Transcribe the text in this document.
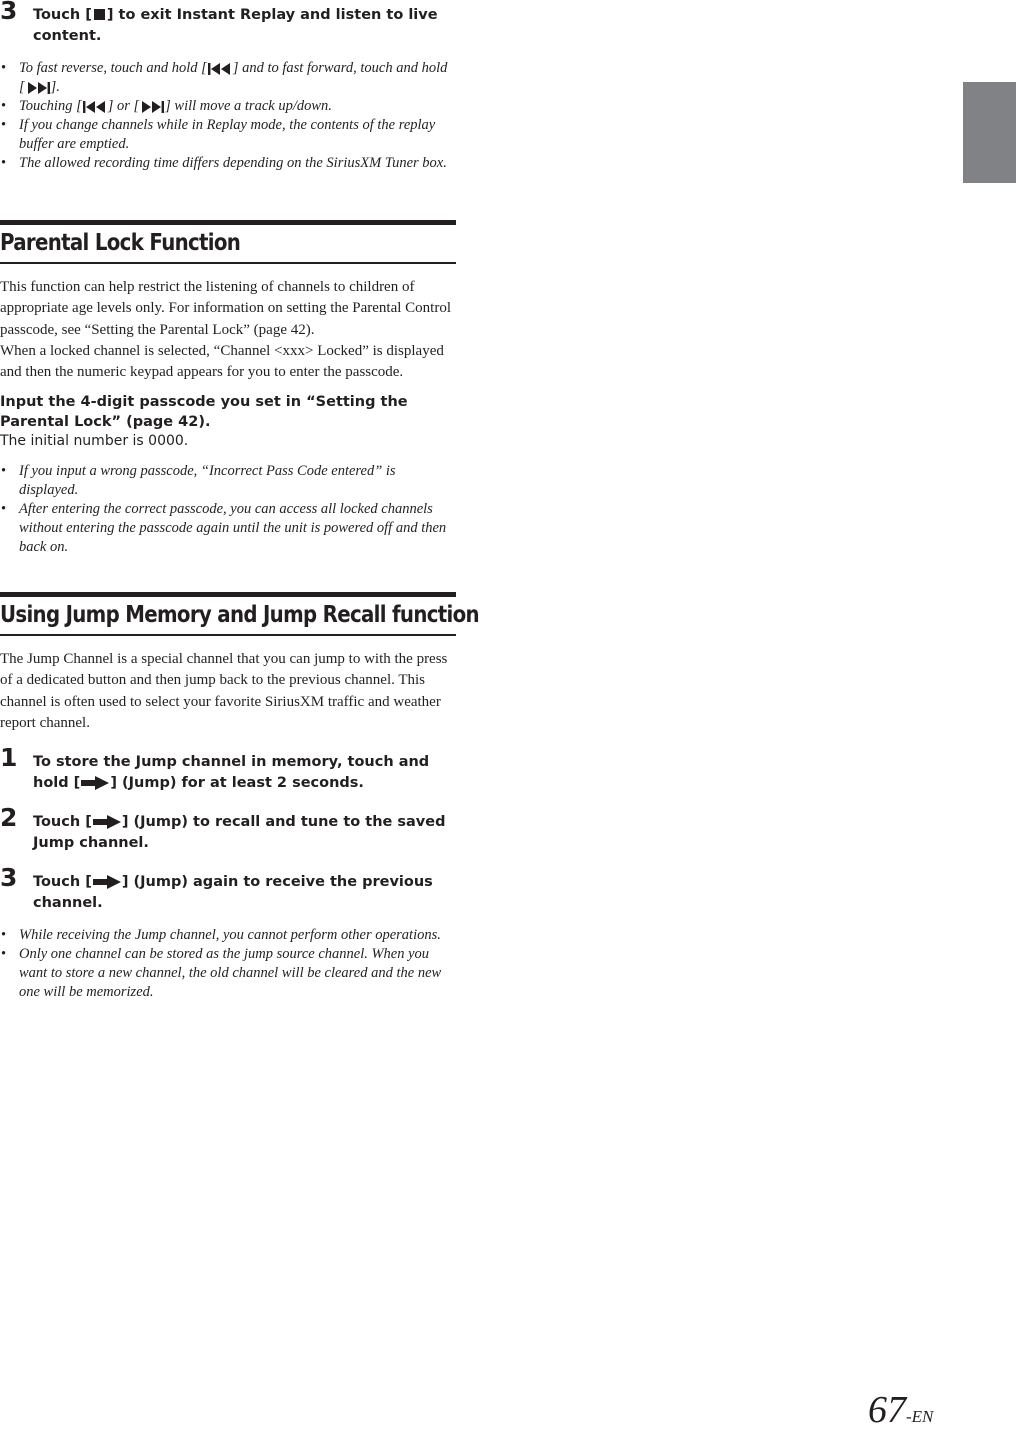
3 Touch [ ] to exit Instant Replay and listen to live content.

• To fast reverse, touch and hold [ ] and to fast forward, touch and hold [ ].

• Touching [ ] or [ ] will move a track up/down.

• If you change channels while in Replay mode, the contents of the replay buffer are emptied.

• The allowed recording time differs depending on the SiriusXM Tuner box.

Parental Lock Function

This function can help restrict the listening of channels to children of appropriate age levels only. For information on setting the Parental Control passcode, see “Setting the Parental Lock” (page 42).

When a locked channel is selected, “Channel <xxx> Locked” is displayed and then the numeric keypad appears for you to enter the passcode.

Input the 4-digit passcode you set in “Setting the Parental Lock” (page 42).

The initial number is 0000.

• If you input a wrong passcode, “Incorrect Pass Code entered” is displayed.

• After entering the correct passcode, you can access all locked channels without entering the passcode again until the unit is powered off and then back on.

Using Jump Memory and Jump Recall function

The Jump Channel is a special channel that you can jump to with the press of a dedicated button and then jump back to the previous channel. This channel is often used to select your favorite SiriusXM traffic and weather report channel.

1 To store the Jump channel in memory, touch and hold [ ] (Jump) for at least 2 seconds.
2 Touch [ ] (Jump) to recall and tune to the saved Jump channel.
3 Touch [ ] (Jump) again to receive the previous channel.

• While receiving the Jump channel, you cannot perform other operations.

• Only one channel can be stored as the jump source channel. When you want to store a new channel, the old channel will be cleared and the new one will be memorized.

67-EN
